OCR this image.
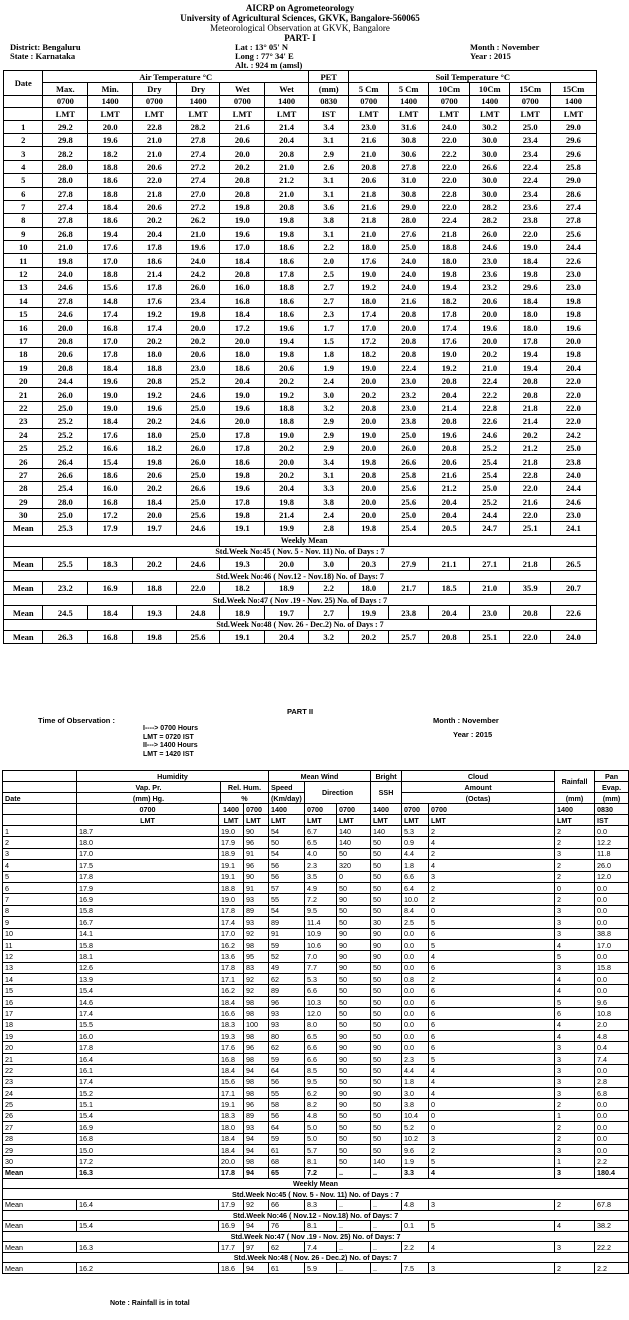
AICRP on Agrometeorology
University of Agricultural Sciences, GKVK, Bangalore-560065
Meteorological Observation at GKVK, Bangalore
PART- I
District: Bengaluru	Lat : 13° 05' N	Month : November
State : Karnataka	Long : 77° 34' E	Year : 2015
Alt. : 924 m (amsl)
Date	Air Temperature °C						PET	Soil Temperature °C					
	Max.	Min.	Dry	Dry	Wet	Wet	(mm)	5 Cm	5 Cm	10Cm	10Cm	15Cm	15Cm
	0700	1400	0700	1400	0700	1400	0830	0700	1400	0700	1400	0700	1400
	LMT	LMT	LMT	LMT	LMT	LMT	IST	LMT	LMT	LMT	LMT	LMT	LMT
1	29.2	20.0	22.8	28.2	21.6	21.4	3.4	23.0	31.6	24.0	30.2	25.0	29.0
2	29.8	19.6	21.0	27.8	20.6	20.4	3.1	21.6	30.8	22.0	30.0	23.4	29.6
3	28.2	18.2	21.0	27.4	20.0	20.8	2.9	21.0	30.6	22.2	30.0	23.4	29.6
4	28.0	18.8	20.6	27.2	20.2	21.0	2.6	20.8	27.8	22.0	26.6	22.4	25.8
5	28.0	18.6	22.0	27.4	20.8	21.2	3.1	20.6	31.0	22.0	30.0	22.4	29.0
6	27.8	18.8	21.8	27.0	20.8	21.0	3.1	21.8	30.8	22.8	30.0	23.4	28.6
7	27.4	18.4	20.6	27.2	19.8	20.8	3.6	21.6	29.0	22.0	28.2	23.6	27.4
8	27.8	18.6	20.2	26.2	19.0	19.8	3.8	21.8	28.0	22.4	28.2	23.8	27.8
9	26.8	19.4	20.4	21.0	19.6	19.8	3.1	21.0	27.6	21.8	26.0	22.0	25.6
10	21.0	17.6	17.8	19.6	17.0	18.6	2.2	18.0	25.0	18.8	24.6	19.0	24.4
11	19.8	17.0	18.6	24.0	18.4	18.6	2.0	17.6	24.0	18.0	23.0	18.4	22.6
12	24.0	18.8	21.4	24.2	20.8	17.8	2.5	19.0	24.0	19.8	23.6	19.8	23.0
13	24.6	15.6	17.8	26.0	16.0	18.8	2.7	19.2	24.0	19.4	23.2	29.6	23.0
14	27.8	14.8	17.6	23.4	16.8	18.6	2.7	18.0	21.6	18.2	20.6	18.4	19.8
15	24.6	17.4	19.2	19.8	18.4	18.6	2.3	17.4	20.8	17.8	20.0	18.0	19.8
16	20.0	16.8	17.4	20.0	17.2	19.6	1.7	17.0	20.0	17.4	19.6	18.0	19.6
17	20.8	17.0	20.2	20.2	20.0	19.4	1.5	17.2	20.8	17.6	20.0	17.8	20.0
18	20.6	17.8	18.0	20.6	18.0	19.8	1.8	18.2	20.8	19.0	20.2	19.4	19.8
19	20.8	18.4	18.8	23.0	18.6	20.6	1.9	19.0	22.4	19.2	21.0	19.4	20.4
20	24.4	19.6	20.8	25.2	20.4	20.2	2.4	20.0	23.0	20.8	22.4	20.8	22.0
21	26.0	19.0	19.2	24.6	19.0	19.2	3.0	20.2	23.2	20.4	22.2	20.8	22.0
22	25.0	19.0	19.6	25.0	19.6	18.8	3.2	20.8	23.0	21.4	22.8	21.8	22.0
23	25.2	18.4	20.2	24.6	20.0	18.8	2.9	20.0	23.8	20.8	22.6	21.4	22.0
24	25.2	17.6	18.0	25.0	17.8	19.0	2.9	19.0	25.0	19.6	24.6	20.2	24.2
25	25.2	16.6	18.2	26.0	17.8	20.2	2.9	20.0	26.0	20.8	25.2	21.2	25.0
26	26.4	15.4	19.8	26.0	18.6	20.0	3.4	19.8	26.6	20.6	25.4	21.8	23.8
27	26.6	18.6	20.6	25.0	19.8	20.2	3.1	20.8	25.8	21.6	25.4	22.8	24.0
28	25.4	16.0	20.2	26.6	19.6	20.4	3.3	20.0	25.6	21.2	25.0	22.0	24.4
29	28.0	16.8	18.4	25.0	17.8	19.8	3.8	20.0	25.6	20.4	25.2	21.6	24.6
30	25.0	17.2	20.0	25.6	19.8	21.4	2.4	20.0	25.0	20.4	24.4	22.0	23.0
Mean	25.3	17.9	19.7	24.6	19.1	19.9	2.8	19.8	25.4	20.5	24.7	25.1	24.1
					Weekly Mean								
Std.Week No:45 ( Nov. 5 - Nov. 11) No. of Days : 7													
Mean	25.5	18.3	20.2	24.6	19.3	20.0	3.0	20.3	27.9	21.1	27.1	21.8	26.5
Std.Week No:46 ( Nov.12 - Nov.18) No. of Days: 7													
Mean	23.2	16.9	18.8	22.0	18.2	18.9	2.2	18.0	21.7	18.5	21.0	35.9	20.7
Std.Week No:47 ( Nov .19 - Nov. 25) No. of Days : 7													
Mean	24.5	18.4	19.3	24.8	18.9	19.7	2.7	19.9	23.8	20.4	23.0	20.8	22.6
Std.Week No:48 ( Nov. 26 - Dec.2) No. of Days : 7													
Mean	26.3	16.8	19.8	25.6	19.1	20.4	3.2	20.2	25.7	20.8	25.1	22.0	24.0
PART II
Time of Observation :	Month : November
Year : 2015
I----> 0700 Hours
LMT = 0720 IST
II---> 1400 Hours
LMT = 1420 IST
	Humidity				Mean Wind			Bright	Cloud		Rainfall	Pan	
	Vap. Pr.		Rel. Hum.		Speed	Direction		SSH	Amount			Evap.	
Date	(mm) Hg.		%		(Km/day)				(Octas)		(mm)	(mm)	
	0700	1400		0700	1400	0700	0700	1400	0700	0700	1400	0830	
	LMT	LMT		LMT	LMT	LMT	LMT	LMT	LMT	LMT	LMT	IST	
1	18.7	19.0		90	54	6.7	140	140	5.3	2	2	0.0	
2	18.0	17.9		96	50	6.5	140	50	0.9	4	2	12.2	
3	17.0	18.9		91	54	4.0	50	50	4.4	2	3	11.8	
4	17.5	19.1		96	56	2.3	320	50	1.8	4	2	26.0	
5	17.8	19.1		90	56	3.5	0	50	6.6	3	2	12.0	
6	17.9	18.8		91	57	4.9	50	50	6.4	2	0	0.0	
7	16.9	19.0		93	55	7.2	90	50	10.0	2	2	0.0	
8	15.8	17.8		89	54	9.5	50	50	8.4	0	3	0.0	
9	16.7	17.4		93	89	11.4	50	30	2.5	5	3	0.0	
10	14.1	17.0		92	91	10.9	90	90	0.0	6	3	38.8	
11	15.8	16.2		98	59	10.6	90	90	0.0	5	4	17.0	
12	18.1	13.6		95	52	7.0	90	90	0.0	4	5	0.0	
13	12.6	17.8		83	49	7.7	90	50	0.0	6	3	15.8	
14	13.9	17.1		92	62	5.3	50	50	0.8	2	4	0.0	
15	15.4	16.2		92	89	6.6	50	50	0.0	6	4	0.0	
16	14.6	18.4		98	96	10.3	50	50	0.0	6	5	9.6	
17	17.4	16.6		98	93	12.0	50	50	0.0	6	6	10.8	
18	15.5	18.3		100	93	8.0	50	50	0.0	6	4	2.0	
19	16.0	19.3		98	80	6.5	90	50	0.0	6	4	4.8	
20	17.8	17.6		96	62	6.6	90	90	0.0	6	3	0.4	
21	16.4	16.8		98	59	6.6	90	50	2.3	5	3	7.4	
22	16.1	18.4		94	64	8.5	50	50	4.4	4	3	0.0	
23	17.4	15.6		98	56	9.5	50	50	1.8	4	3	2.8	
24	15.2	17.1		98	55	6.2	90	90	3.0	4	3	6.8	
25	15.1	19.1		96	58	8.2	90	50	3.8	0	2	0.0	
26	15.4	18.3		89	56	4.8	50	50	10.4	0	1	0.0	
27	16.9	18.0		93	64	5.0	50	50	5.2	0	2	0.0	
28	16.8	18.4		94	59	5.0	50	50	10.2	3	2	0.0	
29	15.0	18.4		94	61	5.7	50	50	9.6	2	3	0.0	
30	17.2	20.0		98	68	8.1	50	140	1.9	5	1	2.2	
Mean	16.3	17.8		94	65	7.2	..	..	3.3	4	3	180.4	
Weekly Mean													
Std.Week No:45 ( Nov. 5 - Nov. 11) No. of Days : 7													
Mean	16.4	17.9		92	66	8.3	..	..	4.8	3	2	67.8	
Std.Week No:46 ( Nov.12 - Nov.18) No. of Days: 7													
Mean	15.4	16.9		94	76	8.1	..	..	0.1	5	4	38.2	
Std.Week No:47 ( Nov .19 - Nov. 25) No. of Days: 7													
Mean	16.3	17.7		97	62	7.4	..	..	2.2	4	3	22.2	
Std.Week No:48 ( Nov. 26 - Dec.2) No. of Days: 7													
Mean	16.2	18.6		94	61	5.9	..	..	7.5	3	2	2.2	
Note : Rainfall is in total
